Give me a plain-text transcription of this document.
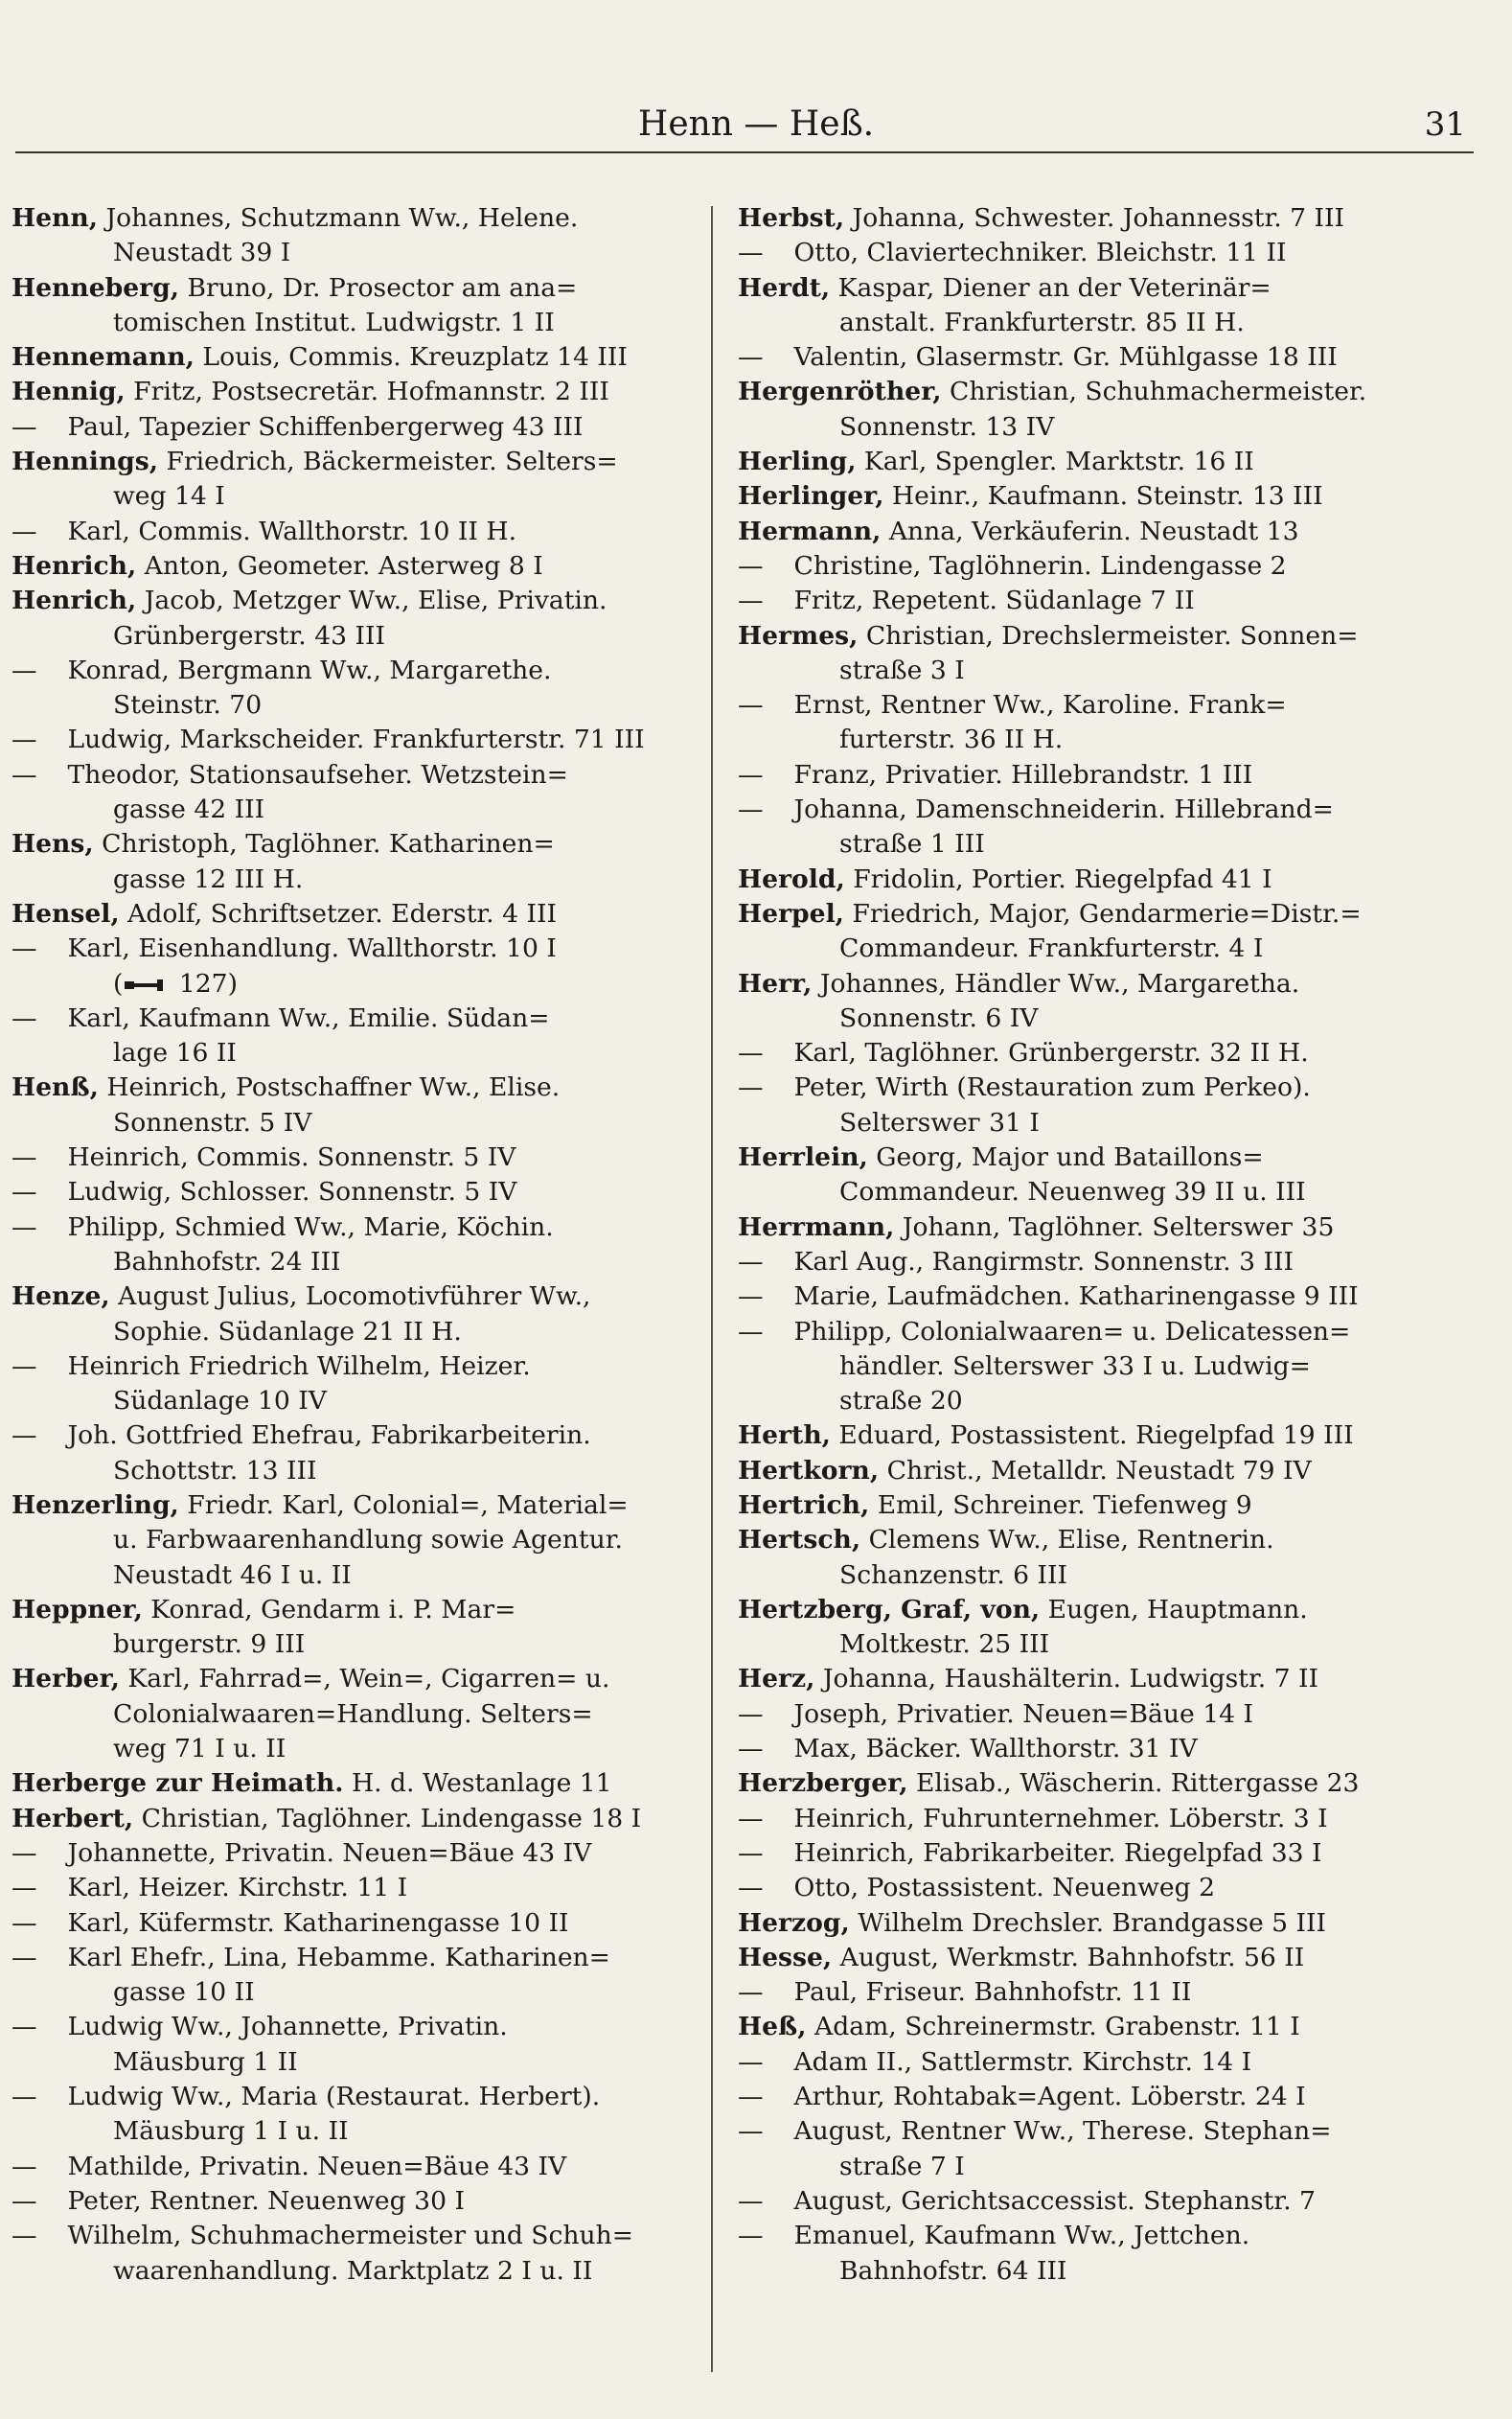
Henn — Heß.	31
Henn, Johannes, Schutzmann Ww., Helene.
Neustadt 39 I
Henneberg, Bruno, Dr. Prosector am ana=
tomischen Institut. Ludwigstr. 1 II
Hennemann, Louis, Commis. Kreuzplatz 14 III
Hennig, Fritz, Postsecretär. Hofmannstr. 2 III
— Paul, Tapezier Schiffenbergerweg 43 III
Hennings, Friedrich, Bäckermeister. Selters=
weg 14 I
— Karl, Commis. Wallthorstr. 10 II H.
Henrich, Anton, Geometer. Asterweg 8 I
Henrich, Jacob, Metzger Ww., Elise, Privatin.
Grünbergerstr. 43 III
— Konrad, Bergmann Ww., Margarethe.
Steinstr. 70
— Ludwig, Markscheider. Frankfurterstr. 71 III
— Theodor, Stationsaufseher. Wetzstein=
gasse 42 III
Hens, Christoph, Taglöhner. Katharinen=
gasse 12 III H.
Hensel, Adolf, Schriftsetzer. Ederstr. 4 III
— Karl, Eisenhandlung. Wallthorstr. 10 I
( 127)
— Karl, Kaufmann Ww., Emilie. Südan=
lage 16 II
Henß, Heinrich, Postschaffner Ww., Elise.
Sonnenstr. 5 IV
— Heinrich, Commis. Sonnenstr. 5 IV
— Ludwig, Schlosser. Sonnenstr. 5 IV
— Philipp, Schmied Ww., Marie, Köchin.
Bahnhofstr. 24 III
Henze, August Julius, Locomotivführer Ww.,
Sophie. Südanlage 21 II H.
— Heinrich Friedrich Wilhelm, Heizer.
Südanlage 10 IV
— Joh. Gottfried Ehefrau, Fabrikarbeiterin.
Schottstr. 13 III
Henzerling, Friedr. Karl, Colonial=, Material=
u. Farbwaarenhandlung sowie Agentur.
Neustadt 46 I u. II
Heppner, Konrad, Gendarm i. P. Mar=
burgerstr. 9 III
Herber, Karl, Fahrrad=, Wein=, Cigarren= u.
Colonialwaaren=Handlung. Selters=
weg 71 I u. II
Herberge zur Heimath. H. d. Westanlage 11
Herbert, Christian, Taglöhner. Lindengasse 18 I
— Johannette, Privatin. Neuen=Bäue 43 IV
— Karl, Heizer. Kirchstr. 11 I
— Karl, Küfermstr. Katharinengasse 10 II
— Karl Ehefr., Lina, Hebamme. Katharinen=
gasse 10 II
— Ludwig Ww., Johannette, Privatin.
Mäusburg 1 II
— Ludwig Ww., Maria (Restaurat. Herbert).
Mäusburg 1 I u. II
— Mathilde, Privatin. Neuen=Bäue 43 IV
— Peter, Rentner. Neuenweg 30 I
— Wilhelm, Schuhmachermeister und Schuh=
waarenhandlung. Marktplatz 2 I u. II
Herbst, Johanna, Schwester. Johannesstr. 7 III
— Otto, Claviertechniker. Bleichstr. 11 II
Herdt, Kaspar, Diener an der Veterinär=
anstalt. Frankfurterstr. 85 II H.
— Valentin, Glasermstr. Gr. Mühlgasse 18 III
Hergenröther, Christian, Schuhmachermeister.
Sonnenstr. 13 IV
Herling, Karl, Spengler. Marktstr. 16 II
Herlinger, Heinr., Kaufmann. Steinstr. 13 III
Hermann, Anna, Verkäuferin. Neustadt 13
— Christine, Taglöhnerin. Lindengasse 2
— Fritz, Repetent. Südanlage 7 II
Hermes, Christian, Drechslermeister. Sonnen=
straße 3 I
— Ernst, Rentner Ww., Karoline. Frank=
furterstr. 36 II H.
— Franz, Privatier. Hillebrandstr. 1 III
— Johanna, Damenschneiderin. Hillebrand=
straße 1 III
Herold, Fridolin, Portier. Riegelpfad 41 I
Herpel, Friedrich, Major, Gendarmerie=Distr.=
Commandeur. Frankfurterstr. 4 I
Herr, Johannes, Händler Ww., Margaretha.
Sonnenstr. 6 IV
— Karl, Taglöhner. Grünbergerstr. 32 II H.
— Peter, Wirth (Restauration zum Perkeo).
Selterswег 31 I
Herrlein, Georg, Major und Bataillons=
Commandeur. Neuenweg 39 II u. III
Herrmann, Johann, Taglöhner. Selterswег 35
— Karl Aug., Rangirmstr. Sonnenstr. 3 III
— Marie, Laufmädchen. Katharinengasse 9 III
— Philipp, Colonialwaaren= u. Delicatessen=
händler. Selterswег 33 I u. Ludwig=
straße 20
Herth, Eduard, Postassistent. Riegelpfad 19 III
Hertkorn, Christ., Metalldr. Neustadt 79 IV
Hertrich, Emil, Schreiner. Tiefenweg 9
Hertsch, Clemens Ww., Elise, Rentnerin.
Schanzenstr. 6 III
Hertzberg, Graf, von, Eugen, Hauptmann.
Moltkestr. 25 III
Herz, Johanna, Haushälterin. Ludwigstr. 7 II
— Joseph, Privatier. Neuen=Bäue 14 I
— Max, Bäcker. Wallthorstr. 31 IV
Herzberger, Elisab., Wäscherin. Rittergasse 23
— Heinrich, Fuhrunternehmer. Löberstr. 3 I
— Heinrich, Fabrikarbeiter. Riegelpfad 33 I
— Otto, Postassistent. Neuenweg 2
Herzog, Wilhelm Drechsler. Brandgasse 5 III
Hesse, August, Werkmstr. Bahnhofstr. 56 II
— Paul, Friseur. Bahnhofstr. 11 II
Heß, Adam, Schreinermstr. Grabenstr. 11 I
— Adam II., Sattlermstr. Kirchstr. 14 I
— Arthur, Rohtabak=Agent. Löberstr. 24 I
— August, Rentner Ww., Therese. Stephan=
straße 7 I
— August, Gerichtsaccessist. Stephanstr. 7
— Emanuel, Kaufmann Ww., Jettchen.
Bahnhofstr. 64 III
